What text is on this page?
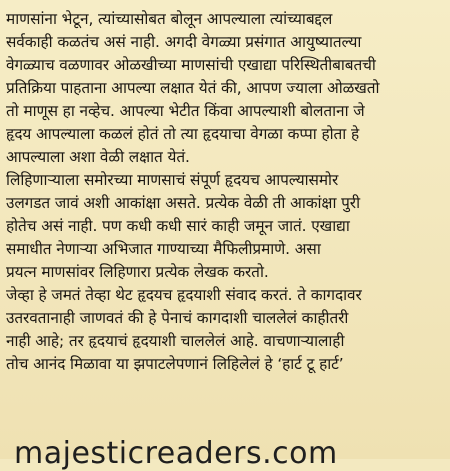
माणसांना भेटून, त्यांच्यासोबत बोलून आपल्याला त्यांच्याबद्दल
सर्वकाही कळतंच असं नाही. अगदी वेगळ्या प्रसंगात आयुष्यातल्या
वेगळ्याच वळणावर ओळखीच्या माणसांची एखाद्या परिस्थितीबाबतची
प्रतिक्रिया पाहताना आपल्या लक्षात येतं की, आपण ज्याला ओळखतो
तो माणूस हा नव्हेच. आपल्या भेटीत किंवा आपल्याशी बोलताना जे
हृदय आपल्याला कळलं होतं तो त्या हृदयाचा वेगळा कप्पा होता हे
आपल्याला अशा वेळी लक्षात येतं.
लिहिणाऱ्याला समोरच्या माणसाचं संपूर्ण हृदयच आपल्यासमोर
उलगडत जावं अशी आकांक्षा असते. प्रत्येक वेळी ती आकांक्षा पुरी
होतेच असं नाही. पण कधी कधी सारं काही जमून जातं. एखाद्या
समाधीत नेणाऱ्या अभिजात गाण्याच्या मैफिलीप्रमाणे. असा
प्रयत्न माणसांवर लिहिणारा प्रत्येक लेखक करतो.
जेव्हा हे जमतं तेव्हा थेट हृदयच हृदयाशी संवाद करतं. ते कागदावर
उतरवतानाही जाणवतं की हे पेनाचं कागदाशी चाललेलं काहीतरी
नाही आहे; तर हृदयाचं हृदयाशी चाललेलं आहे. वाचणाऱ्यालाही
तोच आनंद मिळावा या झपाटलेपणानं लिहिलेलं हे ‘हार्ट टू हार्ट’
majesticreaders.com
